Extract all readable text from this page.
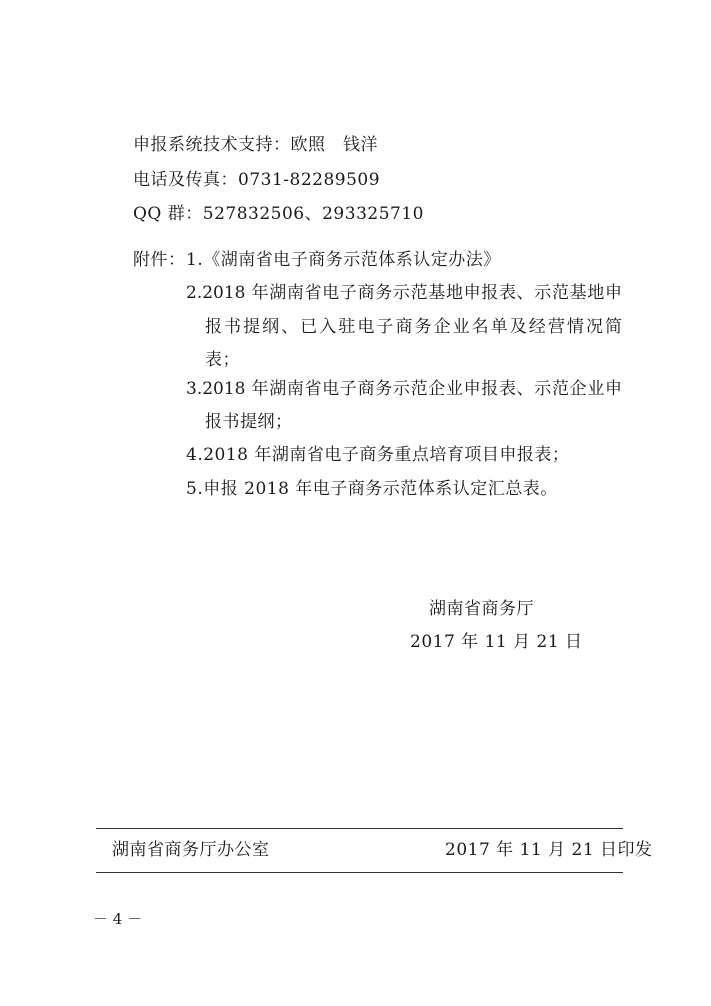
申报系统技术支持：欧照　钱洋
电话及传真：0731-82289509
QQ 群：527832506、293325710
附件： 1.《湖南省电子商务示范体系认定办法》
2.2018 年湖南省电子商务示范基地申报表、示范基地申
报书提纲、已入驻电子商务企业名单及经营情况简
表；
3.2018 年湖南省电子商务示范企业申报表、示范企业申
报书提纲；
4.2018 年湖南省电子商务重点培育项目申报表；
5.申报 2018 年电子商务示范体系认定汇总表。
湖南省商务厅
2017 年 11 月 21 日
湖南省商务厅办公室	2017 年 11 月 21 日印发
－ 4 －
